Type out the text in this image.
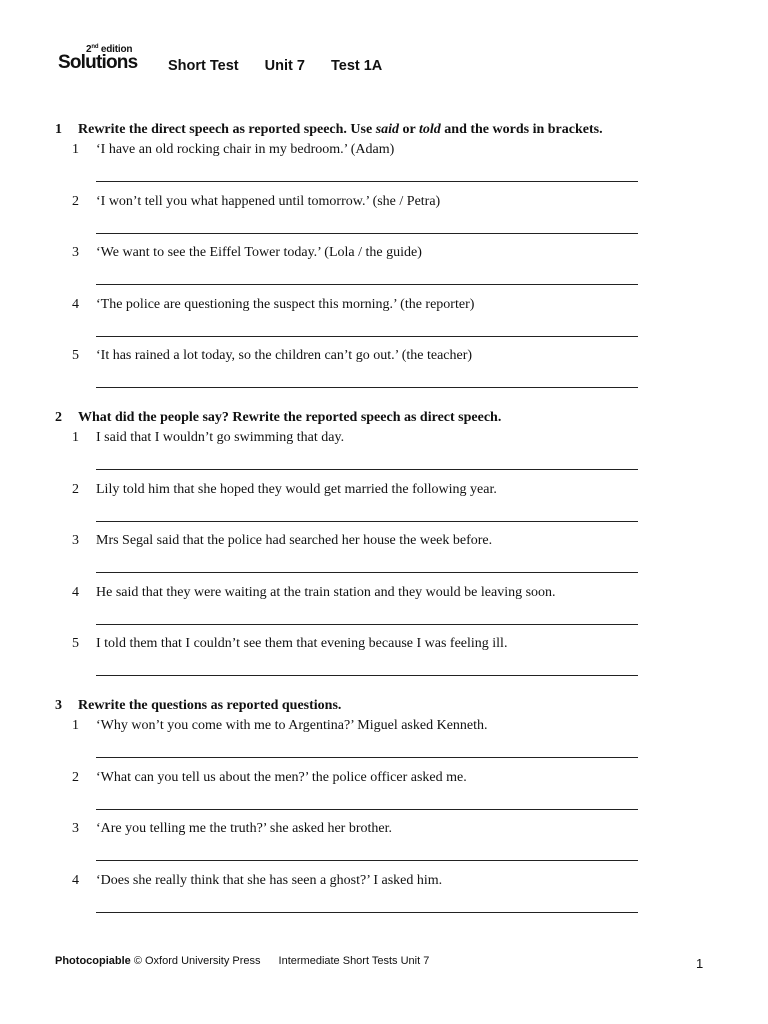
2nd edition
Solutions Short Test Unit 7 Test 1A
1 Rewrite the direct speech as reported speech. Use said or told and the words in brackets.
1 ‘I have an old rocking chair in my bedroom.’ (Adam)
2 ‘I won’t tell you what happened until tomorrow.’ (she / Petra)
3 ‘We want to see the Eiffel Tower today.’ (Lola / the guide)
4 ‘The police are questioning the suspect this morning.’ (the reporter)
5 ‘It has rained a lot today, so the children can’t go out.’ (the teacher)
2 What did the people say? Rewrite the reported speech as direct speech.
1 I said that I wouldn’t go swimming that day.
2 Lily told him that she hoped they would get married the following year.
3 Mrs Segal said that the police had searched her house the week before.
4 He said that they were waiting at the train station and they would be leaving soon.
5 I told them that I couldn’t see them that evening because I was feeling ill.
3 Rewrite the questions as reported questions.
1 ‘Why won’t you come with me to Argentina?’ Miguel asked Kenneth.
2 ‘What can you tell us about the men?’ the police officer asked me.
3 ‘Are you telling me the truth?’ she asked her brother.
4 ‘Does she really think that she has seen a ghost?’ I asked him.
Photocopiable © Oxford University Press Intermediate Short Tests Unit 7	1
